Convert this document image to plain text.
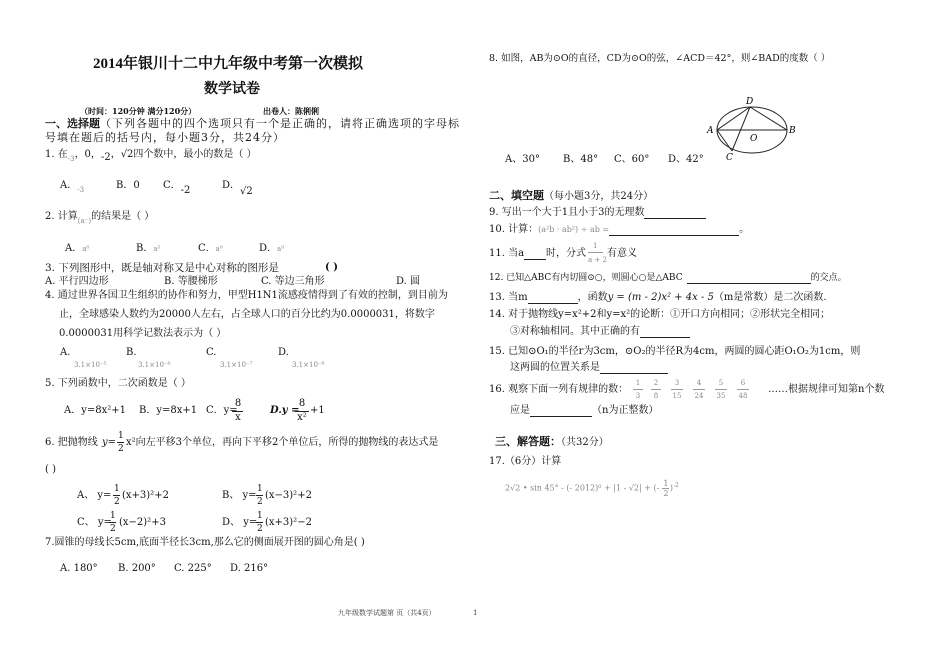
2014年银川十二中九年级中考第一次模拟
数学试卷
（时间：120分钟 满分120分）	出卷人：陈俐俐
一、选择题（下列各题中的四个选项只有一个是正确的，请将正确选项的字母标
号填在题后的括号内，每小题3分，共24分）
1. 在$_{-3}$，0，-2，√2四个数中，最小的数是（ ）
A．$_{-3}$	B．0 C．-2	D．√2
2. 计算$_{(a^-)}$的结果是（ ）
A．a⁶	B．a⁵	C．a⁸	D．a⁹
3. 下列图形中，既是轴对称又是中心对称的图形是	( )
A. 平行四边形	B. 等腰梯形	C. 等边三角形	D. 圆
4. 通过世界各国卫生组织的协作和努力，甲型H1N1流感疫情得到了有效的控制，到目前为
止，全球感染人数约为20000人左右，占全球人口的百分比约为0.0000031，将数字
0.0000031用科学记数法表示为（ ）
A.
3.1×10⁻⁵
B.
3.1×10⁻⁶
C.
3.1×10⁻⁷
D.
3.1×10⁻⁸
5. 下列函数中，二次函数是（ ）
A．y=8x²+1 B．y=8x+1 C．y=
8
x
D.y =
8
x²
+1
6. 把抛物线 y=
1
2
x²向左平移3个单位，再向下平移2个单位后，所得的抛物线的表达式是
( )
A、 y=
1
2
(x+3)²+2	B、 y=
1
2
(x−3)²+2
C、 y=
1
2
(x−2)²+3	D、 y=
1
2
(x+3)²−2
7.圆锥的母线长5cm,底面半径长3cm,那么它的侧面展开图的圆心角是( )
A. 180° B. 200° C. 225° D. 216°
8. 如图，AB为⊙O的直径，CD为⊙O的弦，∠ACD＝42°，则∠BAD的度数（ ）
D
A
O
B
C
A、30° B、48° C、60° D、42°
二、填空题（每小题3分，共24分）
9. 写出一个大于1且小于3的无理数
10. 计算：(a²b · ab²) ÷ ab =	。
11. 当a 时，分式
1
a + 2
有意义
12. 已知△ABC有内切圆⊙○，则圆心○是△ABC	的交点。
13. 当m	，函数y = (m - 2)x² + 4x - 5（m是常数）是二次函数.
14. 对于抛物线y=x²+2和y=x²的论断：①开口方向相同；②形状完全相同；
③对称轴相同。其中正确的有
15. 已知⊙O₁的半径r为3cm，⊙O₂的半径R为4cm，两圆的圆心距O₁O₂为1cm，则
这两圆的位置关系是
16. 观察下面一列有规律的数： $\frac{1}{3} \frac{2}{8} \frac{3}{15} \frac{4}{24} \frac{5}{35} \frac{6}{48}$	……根据规律可知第n个数
应是	（n为正整数）
三、解答题：（共32分）
17.（6分）计算
2√2 • sin 45° - (- 2012)⁰ + |1 - √2| + (- $\frac{1}{2})^{-2}$
九年级数学试题第 页（共4页）	1
